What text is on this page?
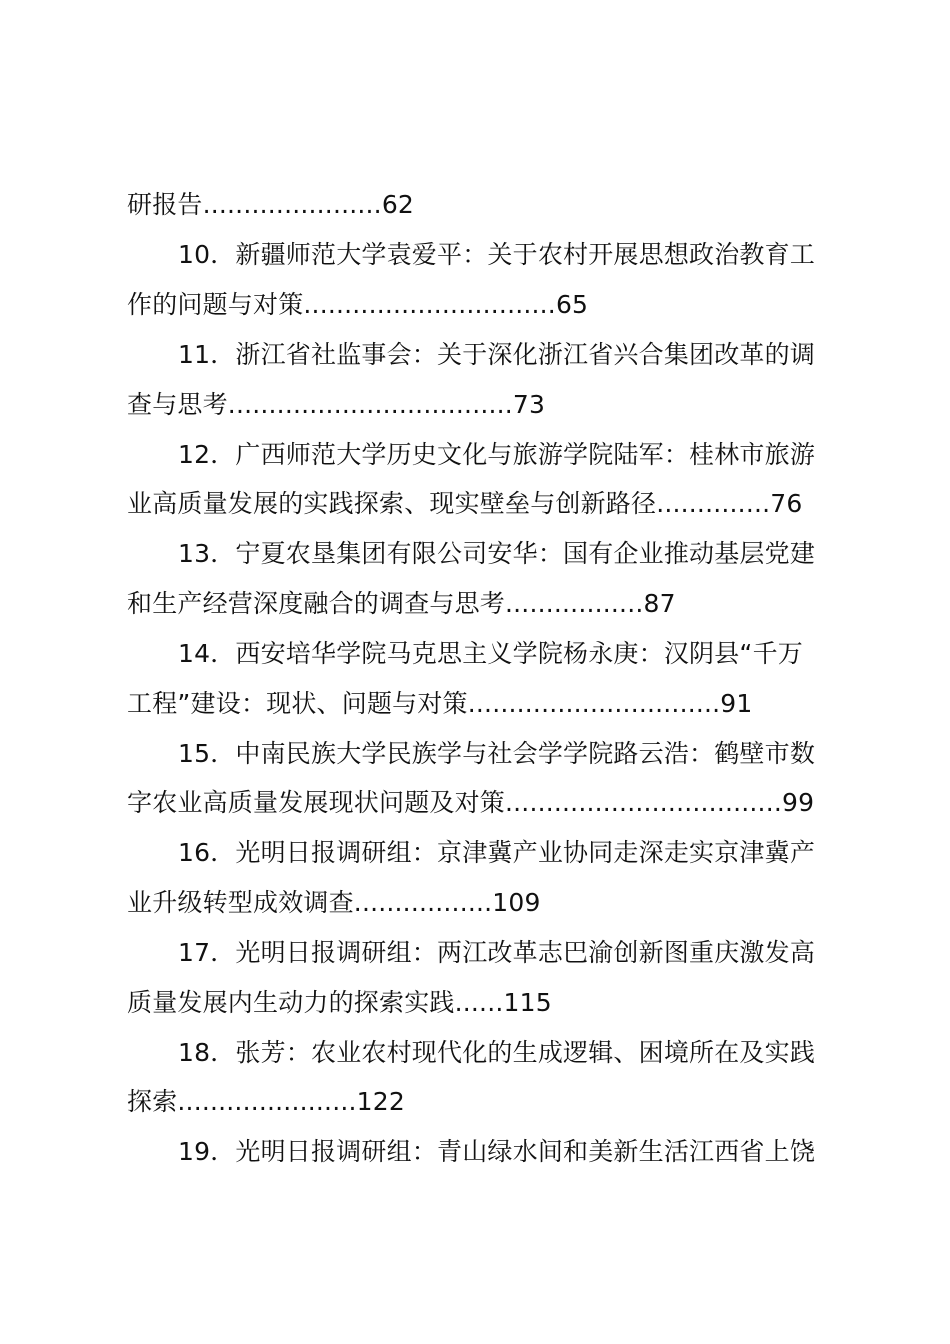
研报告......................62
10．新疆师范大学袁爱平：关于农村开展思想政治教育工
作的问题与对策...............................65
11．浙江省社监事会：关于深化浙江省兴合集团改革的调
查与思考...................................73
12．广西师范大学历史文化与旅游学院陆军：桂林市旅游
业高质量发展的实践探索、现实壁垒与创新路径..............76
13．宁夏农垦集团有限公司安华：国有企业推动基层党建
和生产经营深度融合的调查与思考.................87
14．西安培华学院马克思主义学院杨永庚：汉阴县“千万
工程”建设：现状、问题与对策...............................91
15．中南民族大学民族学与社会学学院路云浩：鹤壁市数
字农业高质量发展现状问题及对策..................................99
16．光明日报调研组：京津冀产业协同走深走实京津冀产
业升级转型成效调查.................109
17．光明日报调研组：两江改革志巴渝创新图重庆激发高
质量发展内生动力的探索实践......115
18．张芳：农业农村现代化的生成逻辑、困境所在及实践
探索......................122
19．光明日报调研组：青山绿水间和美新生活江西省上饶
